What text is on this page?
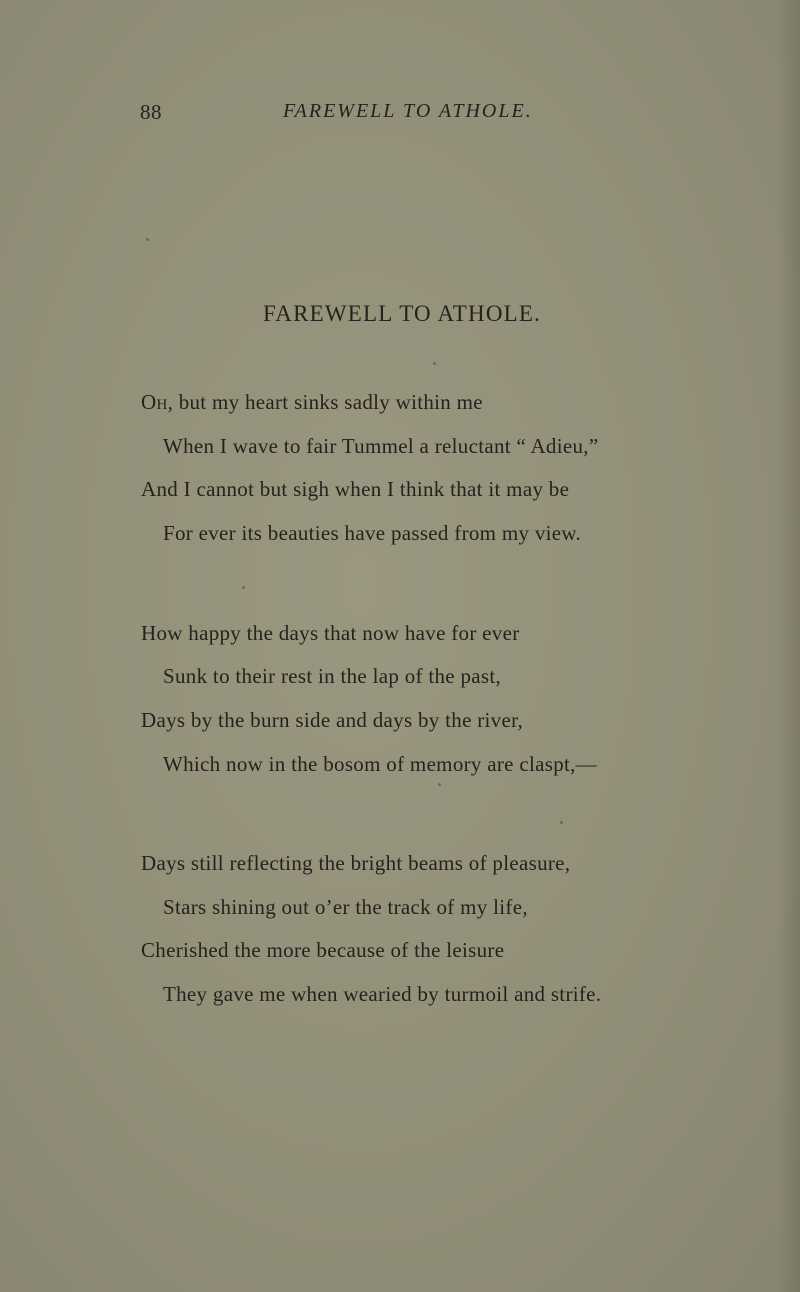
88	FAREWELL TO ATHOLE.
FAREWELL TO ATHOLE.
Oh, but my heart sinks sadly within me
When I wave to fair Tummel a reluctant “ Adieu,”
And I cannot but sigh when I think that it may be
For ever its beauties have passed from my view.
How happy the days that now have for ever
Sunk to their rest in the lap of the past,
Days by the burn side and days by the river,
Which now in the bosom of memory are claspt,—
Days still reflecting the bright beams of pleasure,
Stars shining out o’er the track of my life,
Cherished the more because of the leisure
They gave me when wearied by turmoil and strife.
